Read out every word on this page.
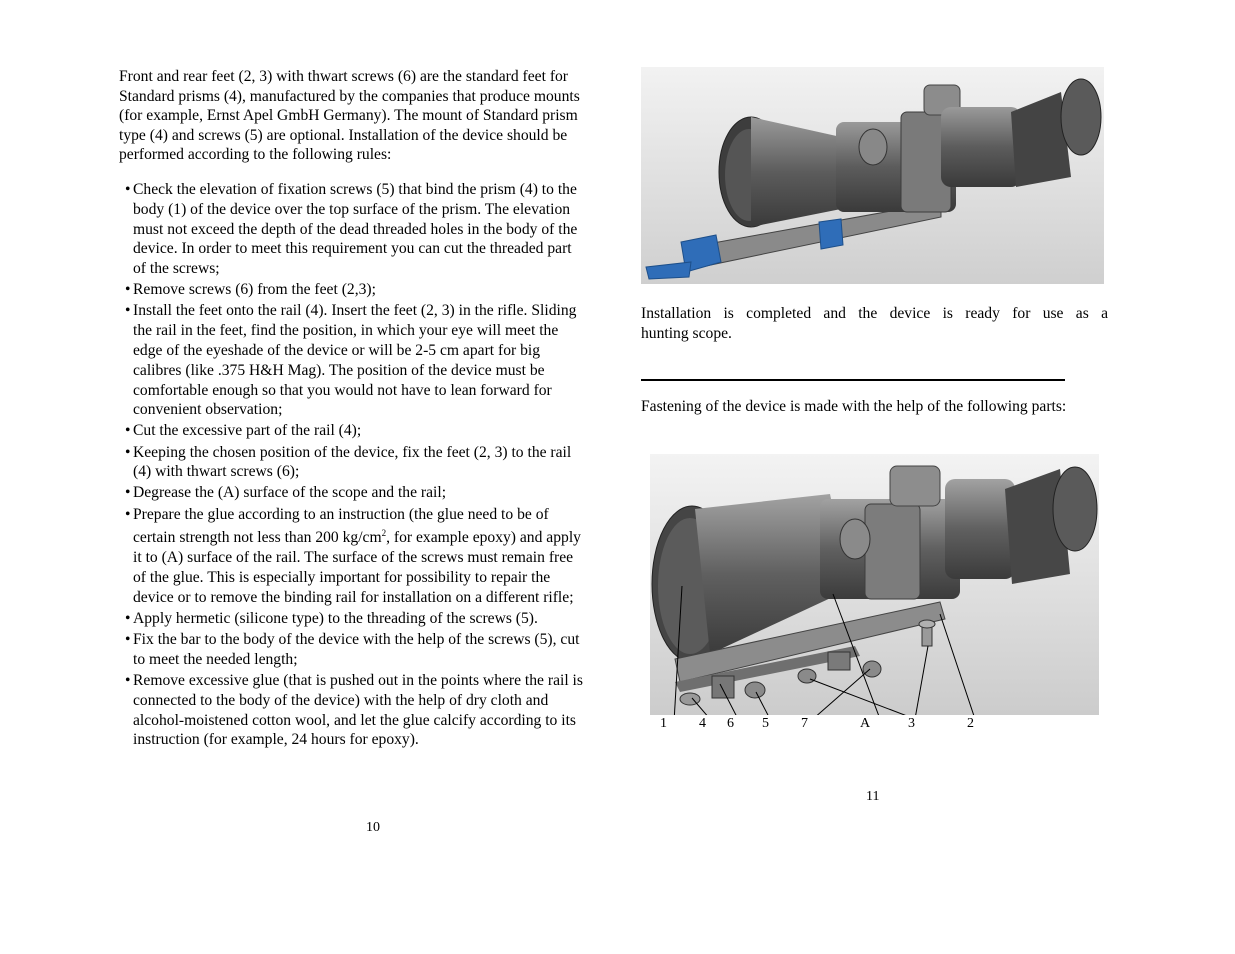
Front and rear feet (2, 3) with thwart screws (6) are the standard feet for Standard prisms (4), manufactured by the companies that produce mounts (for example, Ernst Apel GmbH Germany). The mount of Standard prism type (4) and screws (5) are optional. Installation of the device should be performed according to the following rules:

• Check the elevation of fixation screws (5) that bind the prism (4) to the body (1) of the device over the top surface of the prism. The elevation must not exceed the depth of the dead threaded holes in the body of the device. In order to meet this requirement you can cut the threaded part of the screws;
• Remove screws (6) from the feet (2,3);
• Install the feet onto the rail (4). Insert the feet (2, 3) in the rifle. Sliding the rail in the feet, find the position, in which your eye will meet the edge of the eyeshade of the device or will be 2-5 cm apart for big calibres (like .375 H&H Mag). The position of the device must be comfortable enough so that you would not have to lean forward for convenient observation;
• Cut the excessive part of the rail (4);
• Keeping the chosen position of the device, fix the feet (2, 3) to the rail (4) with thwart screws (6);
• Degrease the (A) surface of the scope and the rail;
• Prepare the glue according to an instruction (the glue need to be of certain strength not less than 200 $kg/cm^2$, for example epoxy) and apply it to (A) surface of the rail. The surface of the screws must remain free of the glue. This is especially important for possibility to repair the device or to remove the binding rail for installation on a different rifle;
• Apply hermetic (silicone type) to the threading of the screws (5).
• Fix the bar to the body of the device with the help of the screws (5), cut to meet the needed length;
• Remove excessive glue (that is pushed out in the points where the rail is connected to the body of the device) with the help of dry cloth and alcohol-moistened cotton wool, and let the glue calcify according to its instruction (for example, 24 hours for epoxy).
10

Installation is completed and the device is ready for use as a
hunting scope.

Fastening of the device is made with the help of the following parts:

1 4 6 5 7	A	3	2
11
